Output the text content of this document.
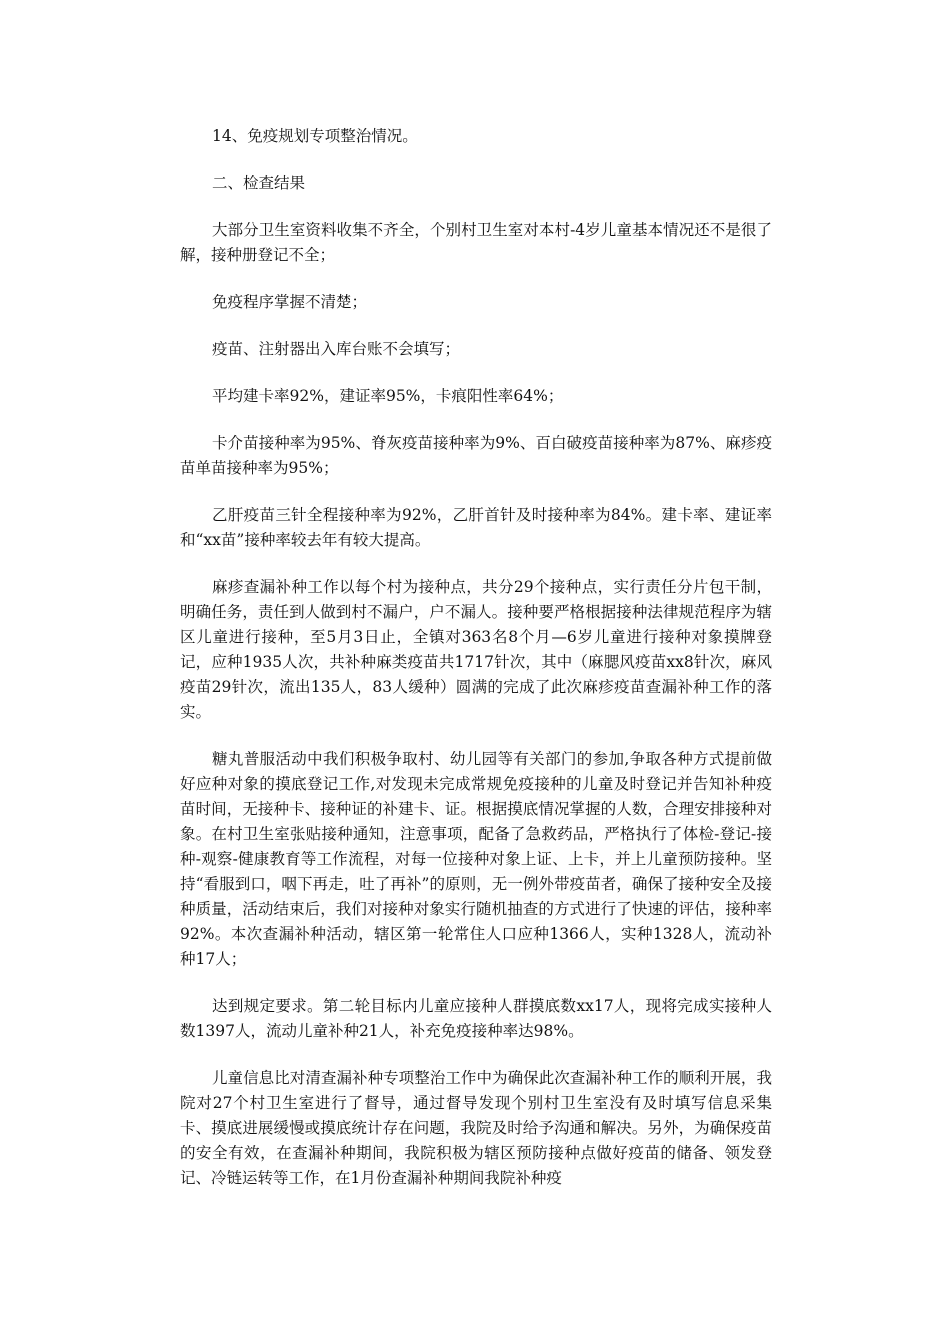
14、免疫规划专项整治情况。

二、检查结果

大部分卫生室资料收集不齐全，个别村卫生室对本村-4岁儿童基本情况还不是很了解，接种册登记不全；

免疫程序掌握不清楚；

疫苗、注射器出入库台账不会填写；

平均建卡率92%，建证率95%，卡痕阳性率64%；

卡介苗接种率为95%、脊灰疫苗接种率为9%、百白破疫苗接种率为87%、麻疹疫苗单苗接种率为95%；

乙肝疫苗三针全程接种率为92%，乙肝首针及时接种率为84%。建卡率、建证率和“xx苗”接种率较去年有较大提高。

麻疹查漏补种工作以每个村为接种点，共分29个接种点，实行责任分片包干制，明确任务，责任到人做到村不漏户，户不漏人。接种要严格根据接种法律规范程序为辖区儿童进行接种，至5月3日止，全镇对363名8个月—6岁儿童进行接种对象摸牌登记，应种1935人次，共补种麻类疫苗共1717针次，其中（麻腮风疫苗xx8针次，麻风疫苗29针次，流出135人，83人缓种）圆满的完成了此次麻疹疫苗查漏补种工作的落实。

糖丸普服活动中我们积极争取村、幼儿园等有关部门的参加,争取各种方式提前做好应种对象的摸底登记工作,对发现未完成常规免疫接种的儿童及时登记并告知补种疫苗时间，无接种卡、接种证的补建卡、证。根据摸底情况掌握的人数，合理安排接种对象。在村卫生室张贴接种通知，注意事项，配备了急救药品，严格执行了体检-登记-接种-观察-健康教育等工作流程，对每一位接种对象上证、上卡，并上儿童预防接种。坚持“看服到口，咽下再走，吐了再补”的原则，无一例外带疫苗者，确保了接种安全及接种质量，活动结束后，我们对接种对象实行随机抽查的方式进行了快速的评估，接种率92%。本次查漏补种活动，辖区第一轮常住人口应种1366人，实种1328人，流动补种17人；

达到规定要求。第二轮目标内儿童应接种人群摸底数xx17人，现将完成实接种人数1397人，流动儿童补种21人，补充免疫接种率达98%。

儿童信息比对清查漏补种专项整治工作中为确保此次查漏补种工作的顺利开展，我院对27个村卫生室进行了督导，通过督导发现个别村卫生室没有及时填写信息采集卡、摸底进展缓慢或摸底统计存在问题，我院及时给予沟通和解决。另外，为确保疫苗的安全有效，在查漏补种期间，我院积极为辖区预防接种点做好疫苗的储备、领发登记、冷链运转等工作，在1月份查漏补种期间我院补种疫
